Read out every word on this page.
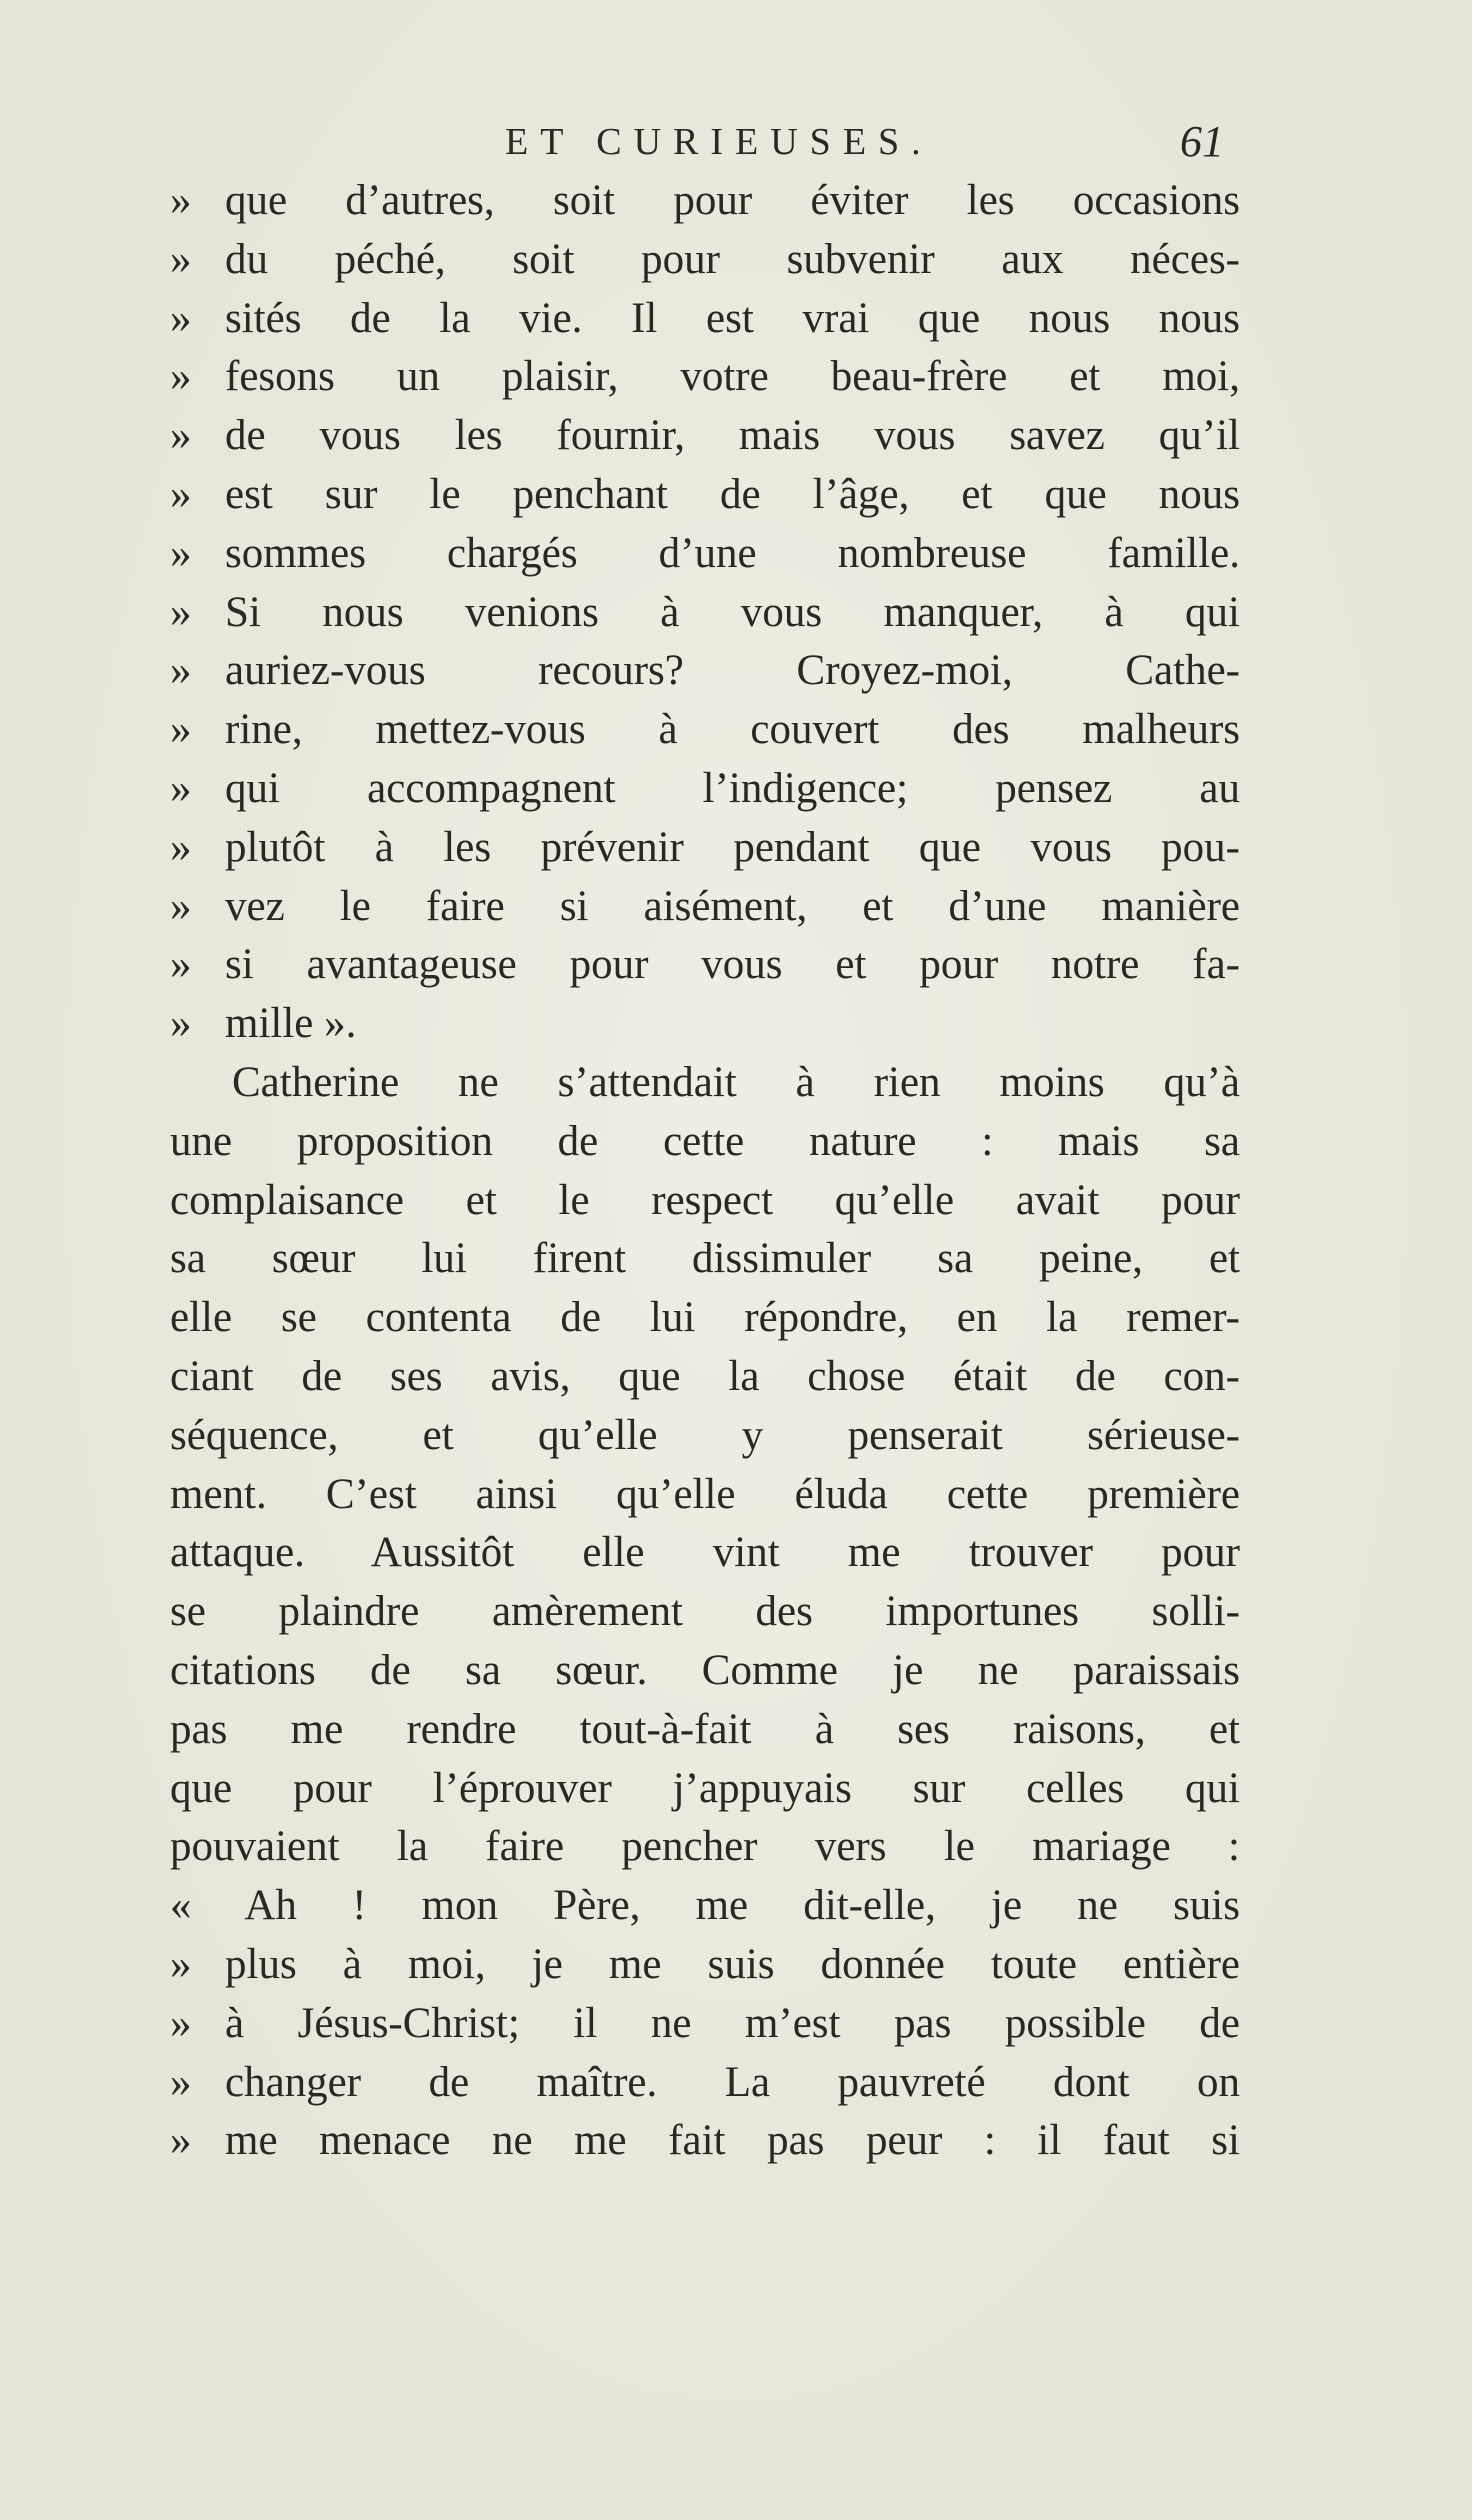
ET CURIEUSES.	61
» que d’autres, soit pour éviter les occasions
» du péché, soit pour subvenir aux néces-
» sités de la vie. Il est vrai que nous nous
» fesons un plaisir, votre beau-frère et moi,
» de vous les fournir, mais vous savez qu’il
» est sur le penchant de l’âge, et que nous
» sommes chargés d’une nombreuse famille.
» Si nous venions à vous manquer, à qui
» auriez-vous recours? Croyez-moi, Cathe-
» rine, mettez-vous à couvert des malheurs
» qui accompagnent l’indigence; pensez au
» plutôt à les prévenir pendant que vous pou-
» vez le faire si aisément, et d’une manière
» si avantageuse pour vous et pour notre fa-
» mille ».
Catherine ne s’attendait à rien moins qu’à
une proposition de cette nature : mais sa
complaisance et le respect qu’elle avait pour
sa sœur lui firent dissimuler sa peine, et
elle se contenta de lui répondre, en la remer-
ciant de ses avis, que la chose était de con-
séquence, et qu’elle y penserait sérieuse-
ment. C’est ainsi qu’elle éluda cette première
attaque. Aussitôt elle vint me trouver pour
se plaindre amèrement des importunes solli-
citations de sa sœur. Comme je ne paraissais
pas me rendre tout-à-fait à ses raisons, et
que pour l’éprouver j’appuyais sur celles qui
pouvaient la faire pencher vers le mariage :
« Ah ! mon Père, me dit-elle, je ne suis
» plus à moi, je me suis donnée toute entière
» à Jésus-Christ; il ne m’est pas possible de
» changer de maître. La pauvreté dont on
» me menace ne me fait pas peur : il faut si
